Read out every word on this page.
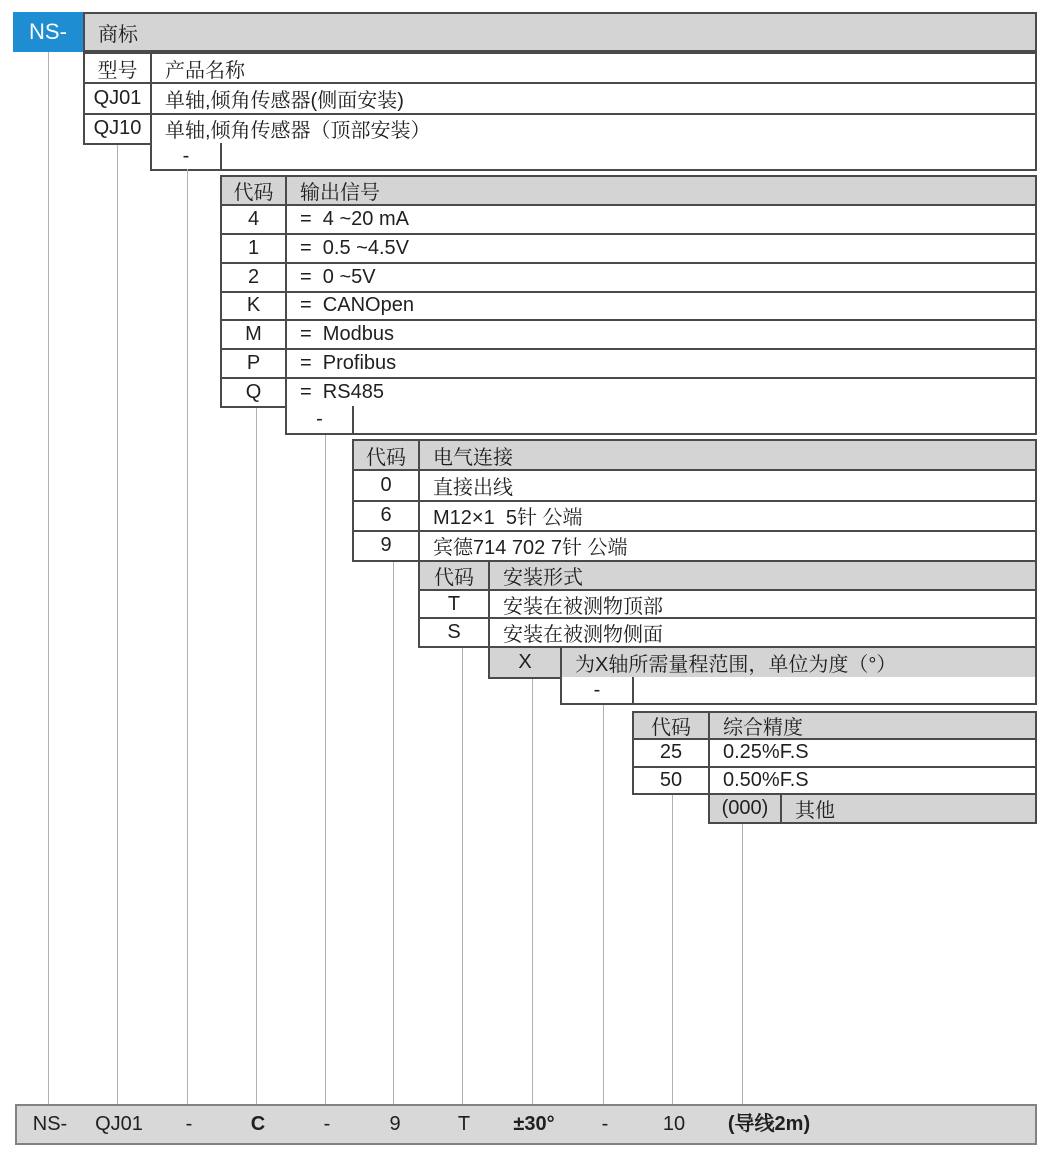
NS- 商标
型号	产品名称
QJ01	单轴,倾角传感器(侧面安装)
QJ10	单轴,倾角传感器（顶部安装）
-
代码	输出信号
4	=  4 ~20 mA
1	=  0.5 ~4.5V
2	=  0 ~5V
K	=  CANOpen
M	=  Modbus
P	=  Profibus
Q	=  RS485
-
代码	电气连接
0	直接出线
6	M12×1  5针 公端
9	宾德714 702 7针 公端
代码	安装形式
T	安装在被测物顶部
S	安装在被测物侧面
X	为X轴所需量程范围，单位为度（°）
-
代码	综合精度
25	0.25%F.S
50	0.50%F.S
(000)	其他
NS- QJ01 -	C	-	9	T ±30° -	10 (导线2m)
